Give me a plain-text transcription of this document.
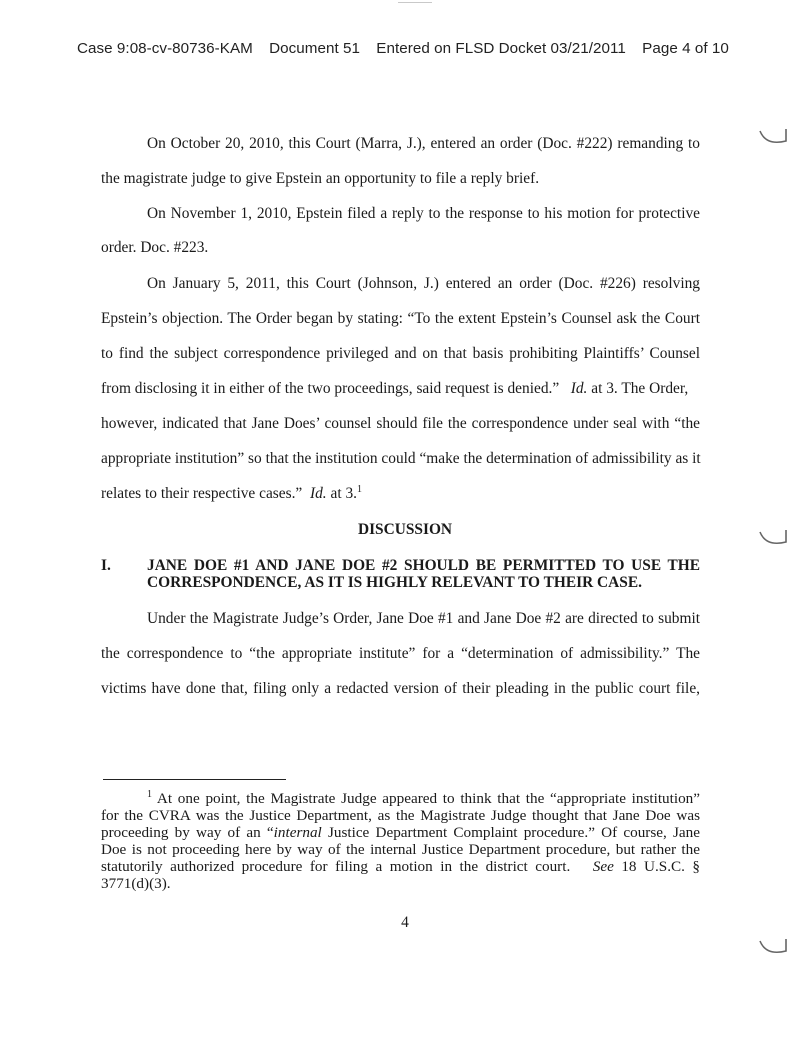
Case 9:08-cv-80736-KAM Document 51 Entered on FLSD Docket 03/21/2011 Page 4 of 10
On October 20, 2010, this Court (Marra, J.), entered an order (Doc. #222) remanding to
the magistrate judge to give Epstein an opportunity to file a reply brief.
On November 1, 2010, Epstein filed a reply to the response to his motion for protective
order. Doc. #223.
On January 5, 2011, this Court (Johnson, J.) entered an order (Doc. #226) resolving
Epstein’s objection. The Order began by stating: “To the extent Epstein’s Counsel ask the Court
to find the subject correspondence privileged and on that basis prohibiting Plaintiffs’ Counsel
from disclosing it in either of the two proceedings, said request is denied.” Id. at 3. The Order,
however, indicated that Jane Does’ counsel should file the correspondence under seal with “the
appropriate institution” so that the institution could “make the determination of admissibility as it
relates to their respective cases.” Id. at 3.$^1$
DISCUSSION
I. JANE DOE #1 AND JANE DOE #2 SHOULD BE PERMITTED TO USE THE
CORRESPONDENCE, AS IT IS HIGHLY RELEVANT TO THEIR CASE.
Under the Magistrate Judge’s Order, Jane Doe #1 and Jane Doe #2 are directed to submit
the correspondence to “the appropriate institute” for a “determination of admissibility.” The
victims have done that, filing only a redacted version of their pleading in the public court file,
$^1$ At one point, the Magistrate Judge appeared to think that the “appropriate institution”
for the CVRA was the Justice Department, as the Magistrate Judge thought that Jane Doe was
proceeding by way of an “internal Justice Department Complaint procedure.” Of course, Jane
Doe is not proceeding here by way of the internal Justice Department procedure, but rather the
statutorily authorized procedure for filing a motion in the district court. See 18 U.S.C. §
3771(d)(3).
4
